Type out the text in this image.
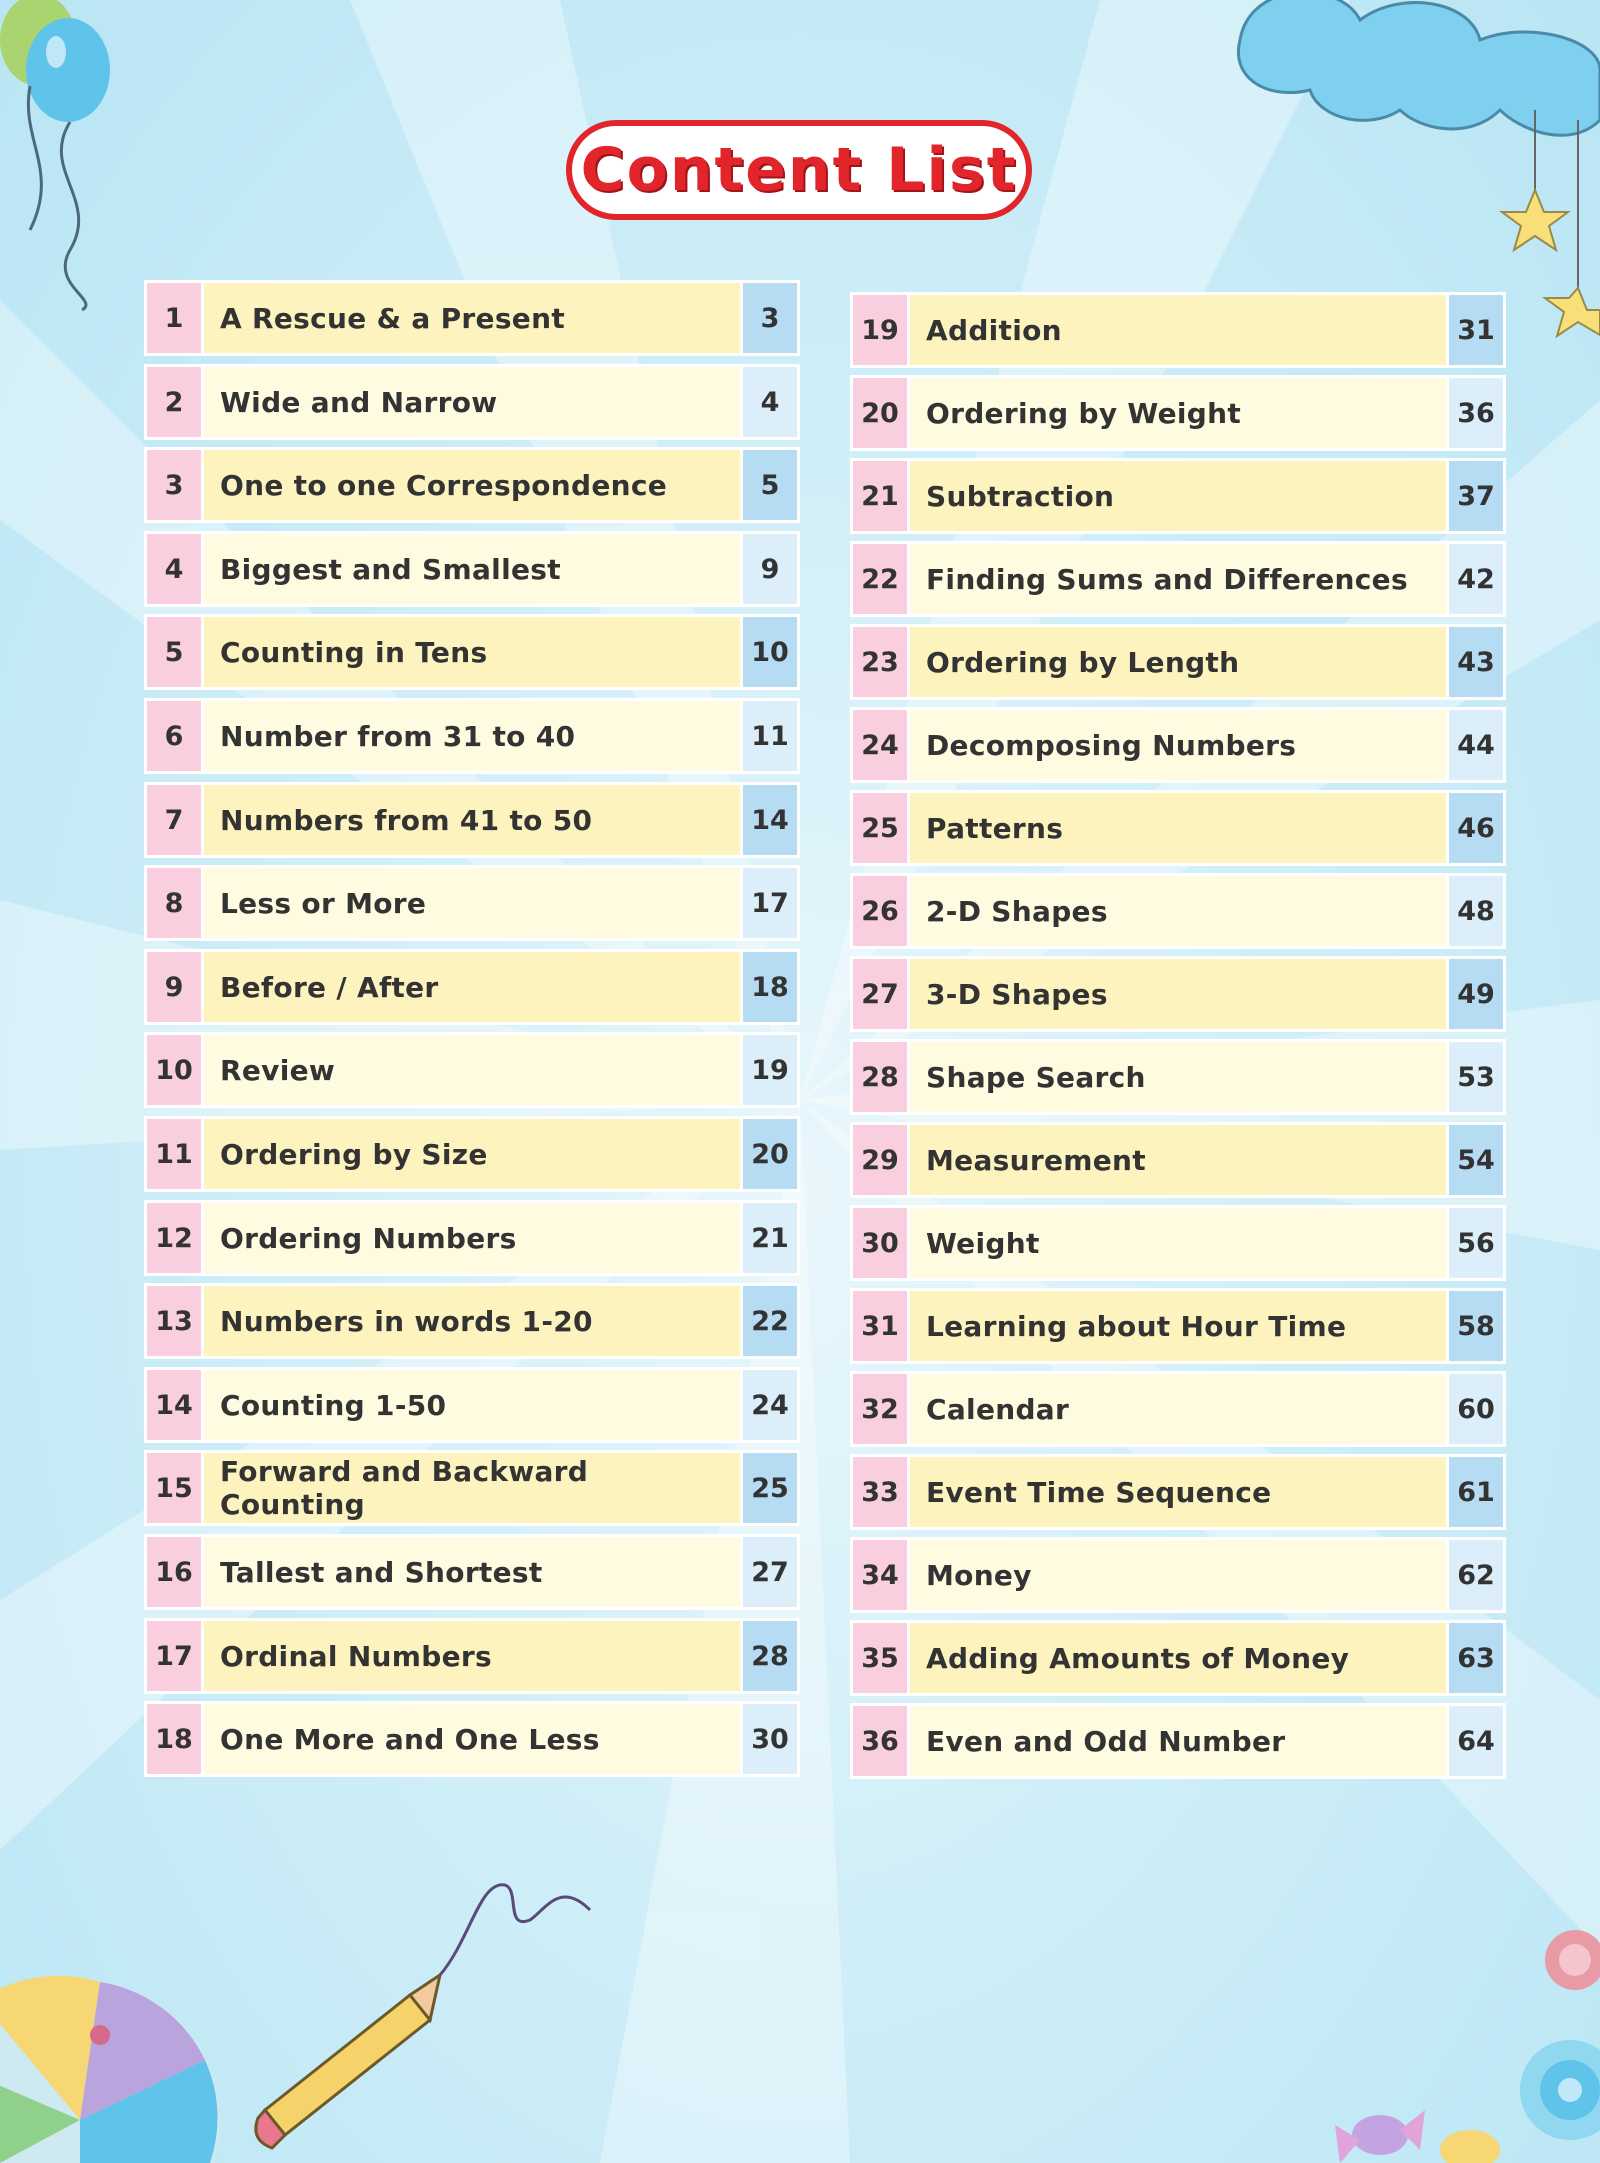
Content List
1	A Rescue & a Present	3
2	Wide and Narrow	4
3	One to one Correspondence	5
4	Biggest and Smallest	9
5	Counting in Tens	10
6	Number from 31 to 40	11
7	Numbers from 41 to 50	14
8	Less or More	17
9	Before / After	18
10 Review	19
11 Ordering by Size	20
12 Ordering Numbers	21
13 Numbers in words 1-20	22
14 Counting 1-50	24
15 Forward and Backward Counting	25
16 Tallest and Shortest	27
17 Ordinal Numbers	28
18 One More and One Less	30
19 Addition	31
20 Ordering by Weight	36
21 Subtraction	37
22 Finding Sums and Differences	42
23 Ordering by Length	43
24 Decomposing Numbers	44
25 Patterns	46
26 2-D Shapes	48
27 3-D Shapes	49
28 Shape Search	53
29 Measurement	54
30 Weight	56
31 Learning about Hour Time	58
32 Calendar	60
33 Event Time Sequence	61
34 Money	62
35 Adding Amounts of Money	63
36 Even and Odd Number	64
